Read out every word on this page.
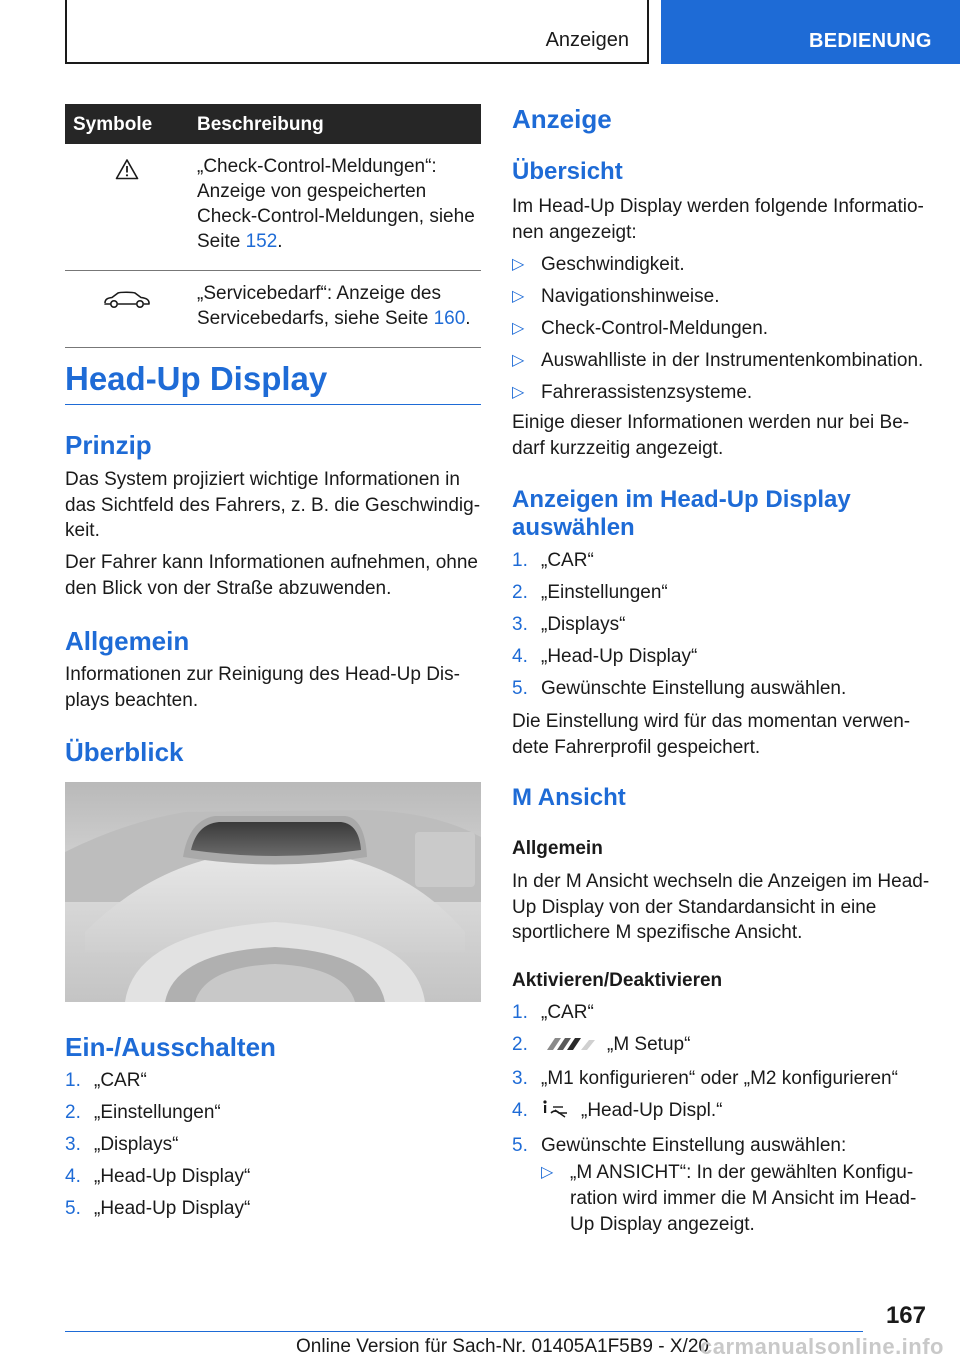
Anzeigen	BEDIENUNG
Symbole Beschreibung
„Check-Control-Meldungen“: Anzeige von gespeicherten Check-Control-Meldungen, siehe Seite 152.
„Servicebedarf“: Anzeige des Servicebedarfs, siehe Seite 160.
Head-Up Display
Prinzip

Das System projiziert wichtige Informationen in das Sichtfeld des Fahrers, z. B. die Geschwindigkeit.

Der Fahrer kann Informationen aufnehmen, ohne den Blick von der Straße abzuwenden.

Allgemein

Informationen zur Reinigung des Head-Up Displays beachten.

Überblick
Ein-/Ausschalten
1. „CAR“
2. „Einstellungen“
3. „Displays“
4. „Head-Up Display“
5. „Head-Up Display“
Anzeige
Übersicht

Im Head-Up Display werden folgende Informationen angezeigt:

▷ Geschwindigkeit.
▷ Navigationshinweise.
▷ Check-Control-Meldungen.
▷ Auswahlliste in der Instrumentenkombination.
▷ Fahrerassistenzsysteme.

Einige dieser Informationen werden nur bei Bedarf kurzzeitig angezeigt.

Anzeigen im Head-Up Display auswählen
1. „CAR“
2. „Einstellungen“
3. „Displays“
4. „Head-Up Display“
5. Gewünschte Einstellung auswählen.

Die Einstellung wird für das momentan verwendete Fahrerprofil gespeichert.

M Ansicht
Allgemein

In der M Ansicht wechseln die Anzeigen im Head-Up Display von der Standardansicht in eine sportlichere M spezifische Ansicht.

Aktivieren/Deaktivieren
1. „CAR“
2.	„M Setup“
3. „M1 konfigurieren“ oder „M2 konfigurieren“
4.	„Head-Up Displ.“
5. Gewünschte Einstellung auswählen:
▷ „M ANSICHT“: In der gewählten Konfiguration wird immer die M Ansicht im Head-Up Display angezeigt.
167
Online Version für Sach-Nr. 01405A1F5B9 - X/20
carmanualsonline.info
